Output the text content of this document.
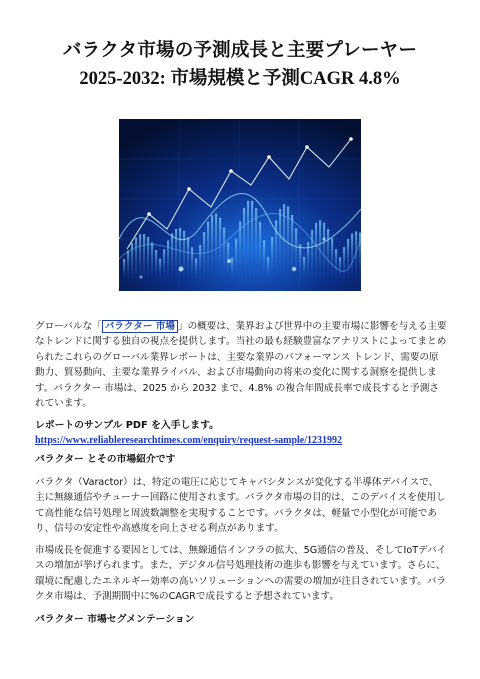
バラクタ市場の予測成長と主要プレーヤー
2025-2032: 市場規模と予測CAGR 4.8%

グローバルな「 バラクター 市場 」の概要は、業界および世界中の主要市場に影響を与える主要なトレンドに関する独自の視点を提供します。当社の最も経験豊富なアナリストによってまとめられたこれらのグローバル業界レポートは、主要な業界のパフォーマンス トレンド、需要の原動力、貿易動向、主要な業界ライバル、および市場動向の将来の変化に関する洞察を提供します。バラクター 市場は、2025 から 2032 まで、4.8% の複合年間成長率で成長すると予測されています。

レポートのサンプル PDF を入手します。https://www.reliableresearchtimes.com/enquiry/request-sample/1231992

バラクター とその市場紹介です
バラクタ（Varactor）は、特定の電圧に応じてキャパシタンスが変化する半導体デバイスで、主に無線通信やチューナー回路に使用されます。バラクタ市場の目的は、このデバイスを使用して高性能な信号処理と周波数調整を実現することです。バラクタは、軽量で小型化が可能であり、信号の安定性や高感度を向上させる利点があります。
市場成長を促進する要因としては、無線通信インフラの拡大、5G通信の普及、そしてIoTデバイスの増加が挙げられます。また、デジタル信号処理技術の進歩も影響を与えています。さらに、環境に配慮したエネルギー効率の高いソリューションへの需要の増加が注目されています。バラクタ市場は、予測期間中に%のCAGRで成長すると予想されています。
バラクター 市場セグメンテーション
